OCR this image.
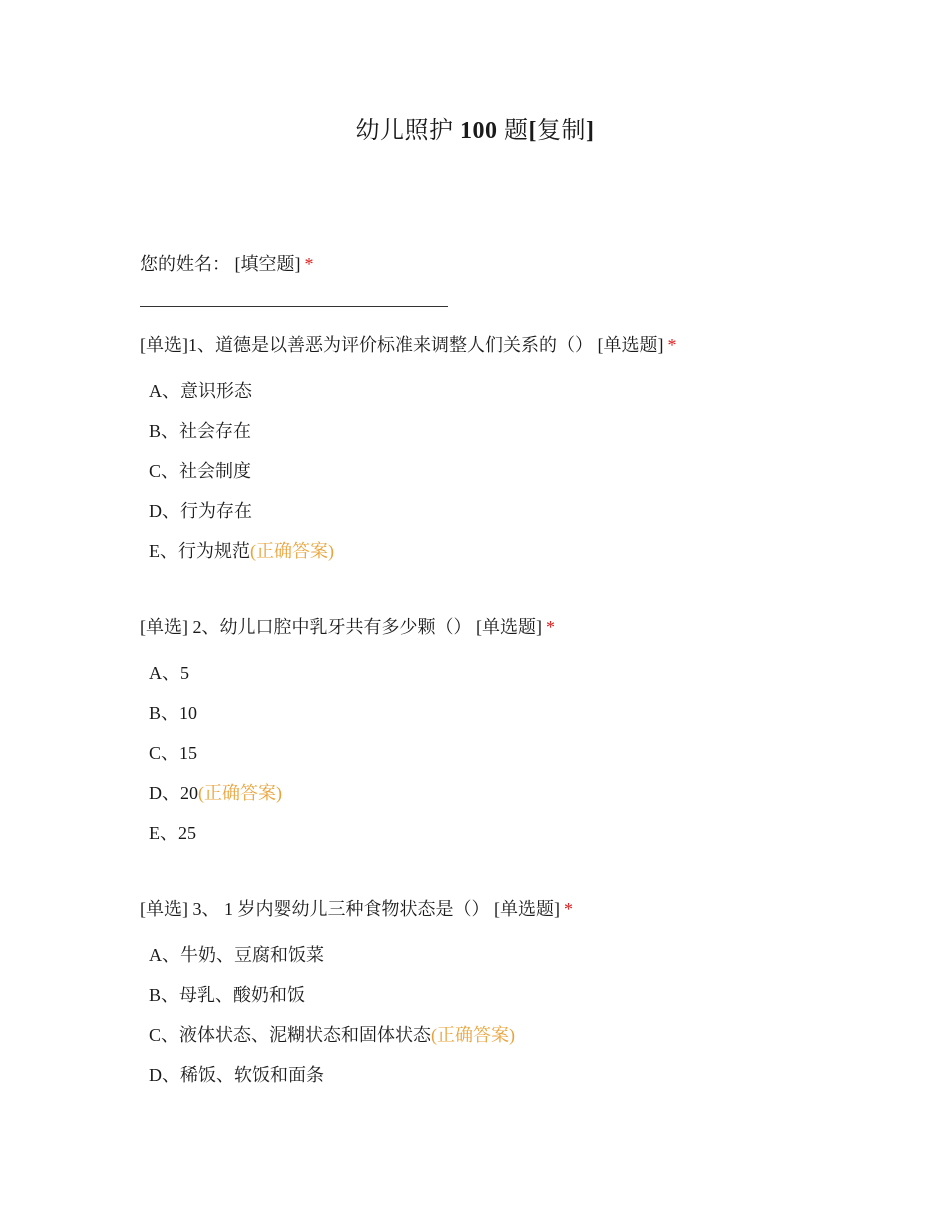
幼儿照护 100 题[复制]
您的姓名： [填空题] *
[单选]1、道德是以善恶为评价标准来调整人们关系的（） [单选题] *
A、意识形态
B、社会存在
C、社会制度
D、行为存在
E、行为规范(正确答案)
[单选] 2、幼儿口腔中乳牙共有多少颗（） [单选题] *
A、5
B、10
C、15
D、20(正确答案)
E、25
[单选] 3、 1 岁内婴幼儿三种食物状态是（） [单选题] *
A、牛奶、豆腐和饭菜
B、母乳、酸奶和饭
C、液体状态、泥糊状态和固体状态(正确答案)
D、稀饭、软饭和面条
